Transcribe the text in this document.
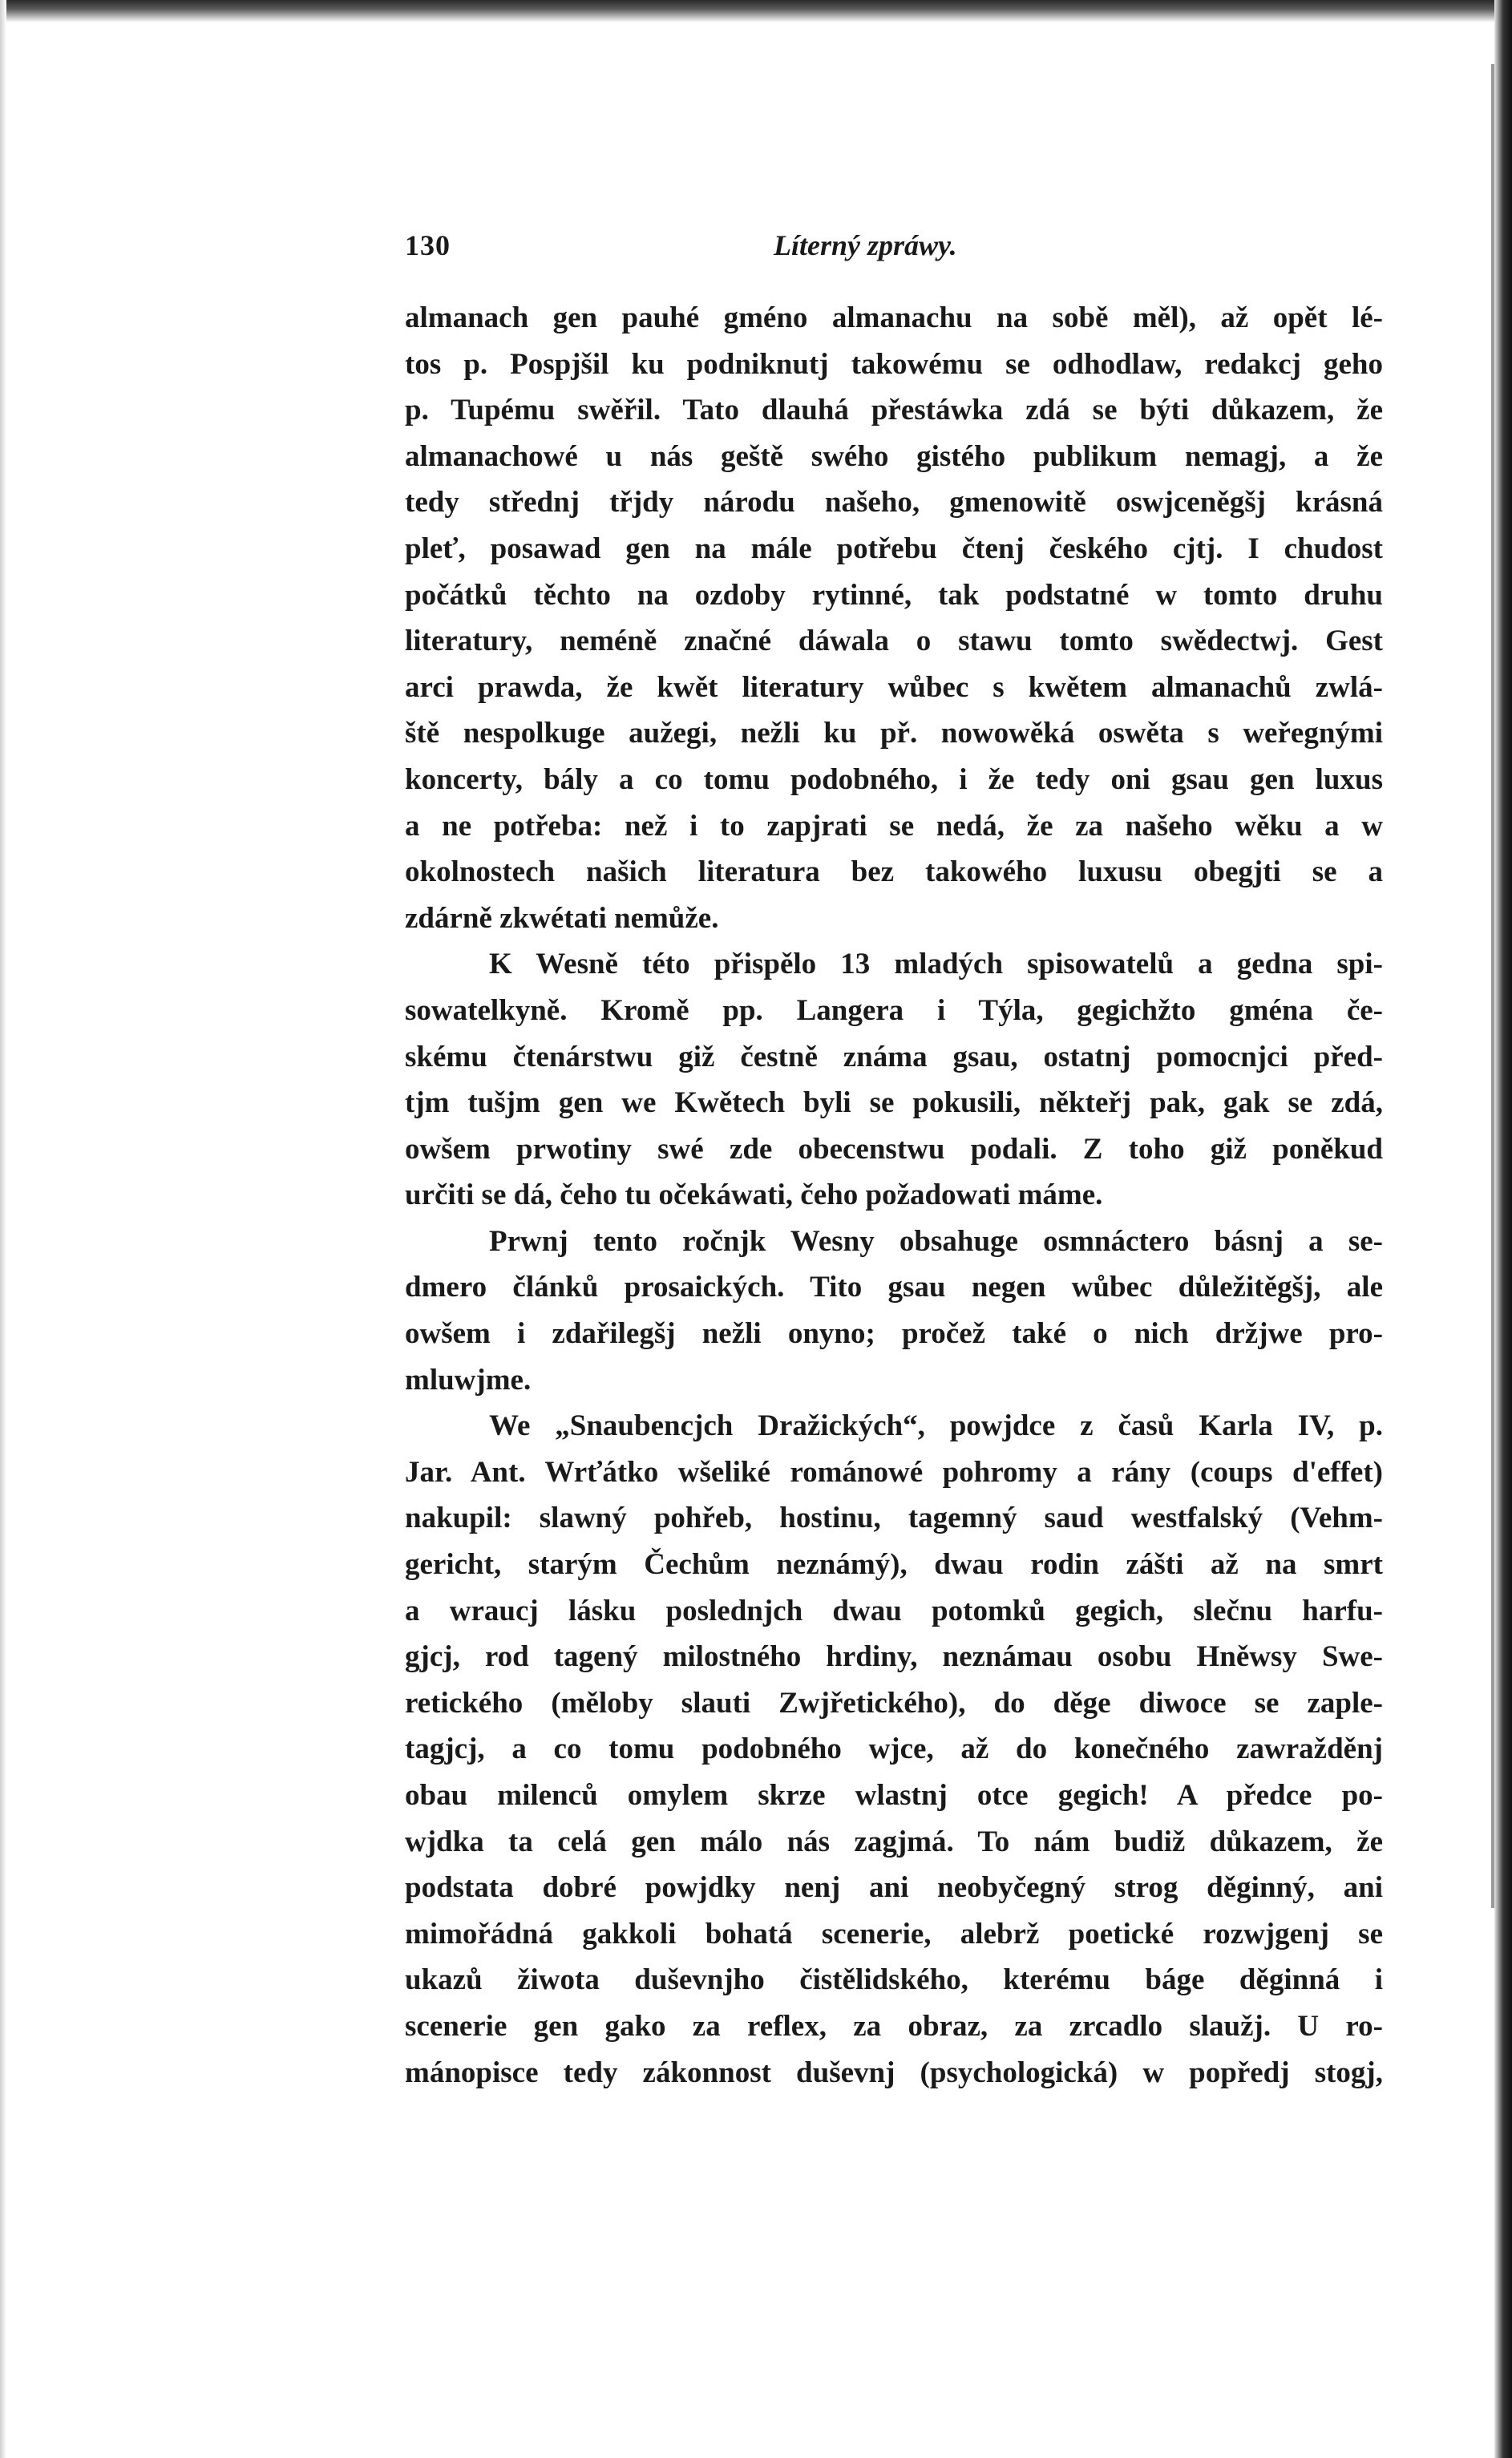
130	Líterný zpráwy.
almanach gen pauhé gméno almanachu na sobě měl), až opět lé-
tos p. Pospjšil ku podniknutj takowému se odhodlaw, redakcj geho
p. Tupému swěřil. Tato dlauhá přestáwka zdá se býti důkazem, že
almanachowé u nás geště swého gistého publikum nemagj, a že
tedy střednj třjdy národu našeho, gmenowitě oswjceněgšj krásná
pleť, posawad gen na mále potřebu čtenj českého cjtj. I chudost
počátků těchto na ozdoby rytinné, tak podstatné w tomto druhu
literatury, neméně značné dáwala o stawu tomto swědectwj. Gest
arci prawda, že kwět literatury wůbec s kwětem almanachů zwlá-
ště nespolkuge aužegi, nežli ku př. nowowěká oswěta s weřegnými
koncerty, bály a co tomu podobného, i že tedy oni gsau gen luxus
a ne potřeba: než i to zapjrati se nedá, že za našeho wěku a w
okolnostech našich literatura bez takowého luxusu obegjti se a
zdárně zkwétati nemůže.
K Wesně této přispělo 13 mladých spisowatelů a gedna spi-
sowatelkyně. Kromě pp. Langera i Týla, gegichžto gména če-
skému čtenárstwu giž čestně známa gsau, ostatnj pomocnjci před-
tjm tušjm gen we Kwětech byli se pokusili, někteřj pak, gak se zdá,
owšem prwotiny swé zde obecenstwu podali. Z toho giž poněkud
určiti se dá, čeho tu očekáwati, čeho požadowati máme.
Prwnj tento ročnjk Wesny obsahuge osmnáctero básnj a se-
dmero článků prosaických. Tito gsau negen wůbec důležitěgšj, ale
owšem i zdařilegšj nežli onyno; pročež také o nich držjwe pro-
mluwjme.
We „Snaubencjch Dražických“, powjdce z časů Karla IV, p.
Jar. Ant. Wrťátko wšeliké románowé pohromy a rány (coups d'effet)
nakupil: slawný pohřeb, hostinu, tagemný saud westfalský (Vehm-
gericht, starým Čechům neznámý), dwau rodin zášti až na smrt
a wraucj lásku poslednjch dwau potomků gegich, slečnu harfu-
gjcj, rod tagený milostného hrdiny, neznámau osobu Hněwsy Swe-
retického (měloby slauti Zwjřetického), do děge diwoce se zaple-
tagjcj, a co tomu podobného wjce, až do konečného zawražděnj
obau milenců omylem skrze wlastnj otce gegich! A předce po-
wjdka ta celá gen málo nás zagjmá. To nám budiž důkazem, že
podstata dobré powjdky nenj ani neobyčegný strog děginný, ani
mimořádná gakkoli bohatá scenerie, alebrž poetické rozwjgenj se
ukazů žiwota duševnjho čistělidského, kterému báge děginná i
scenerie gen gako za reflex, za obraz, za zrcadlo slaužj. U ro-
mánopisce tedy zákonnost duševnj (psychologická) w popředj stogj,
